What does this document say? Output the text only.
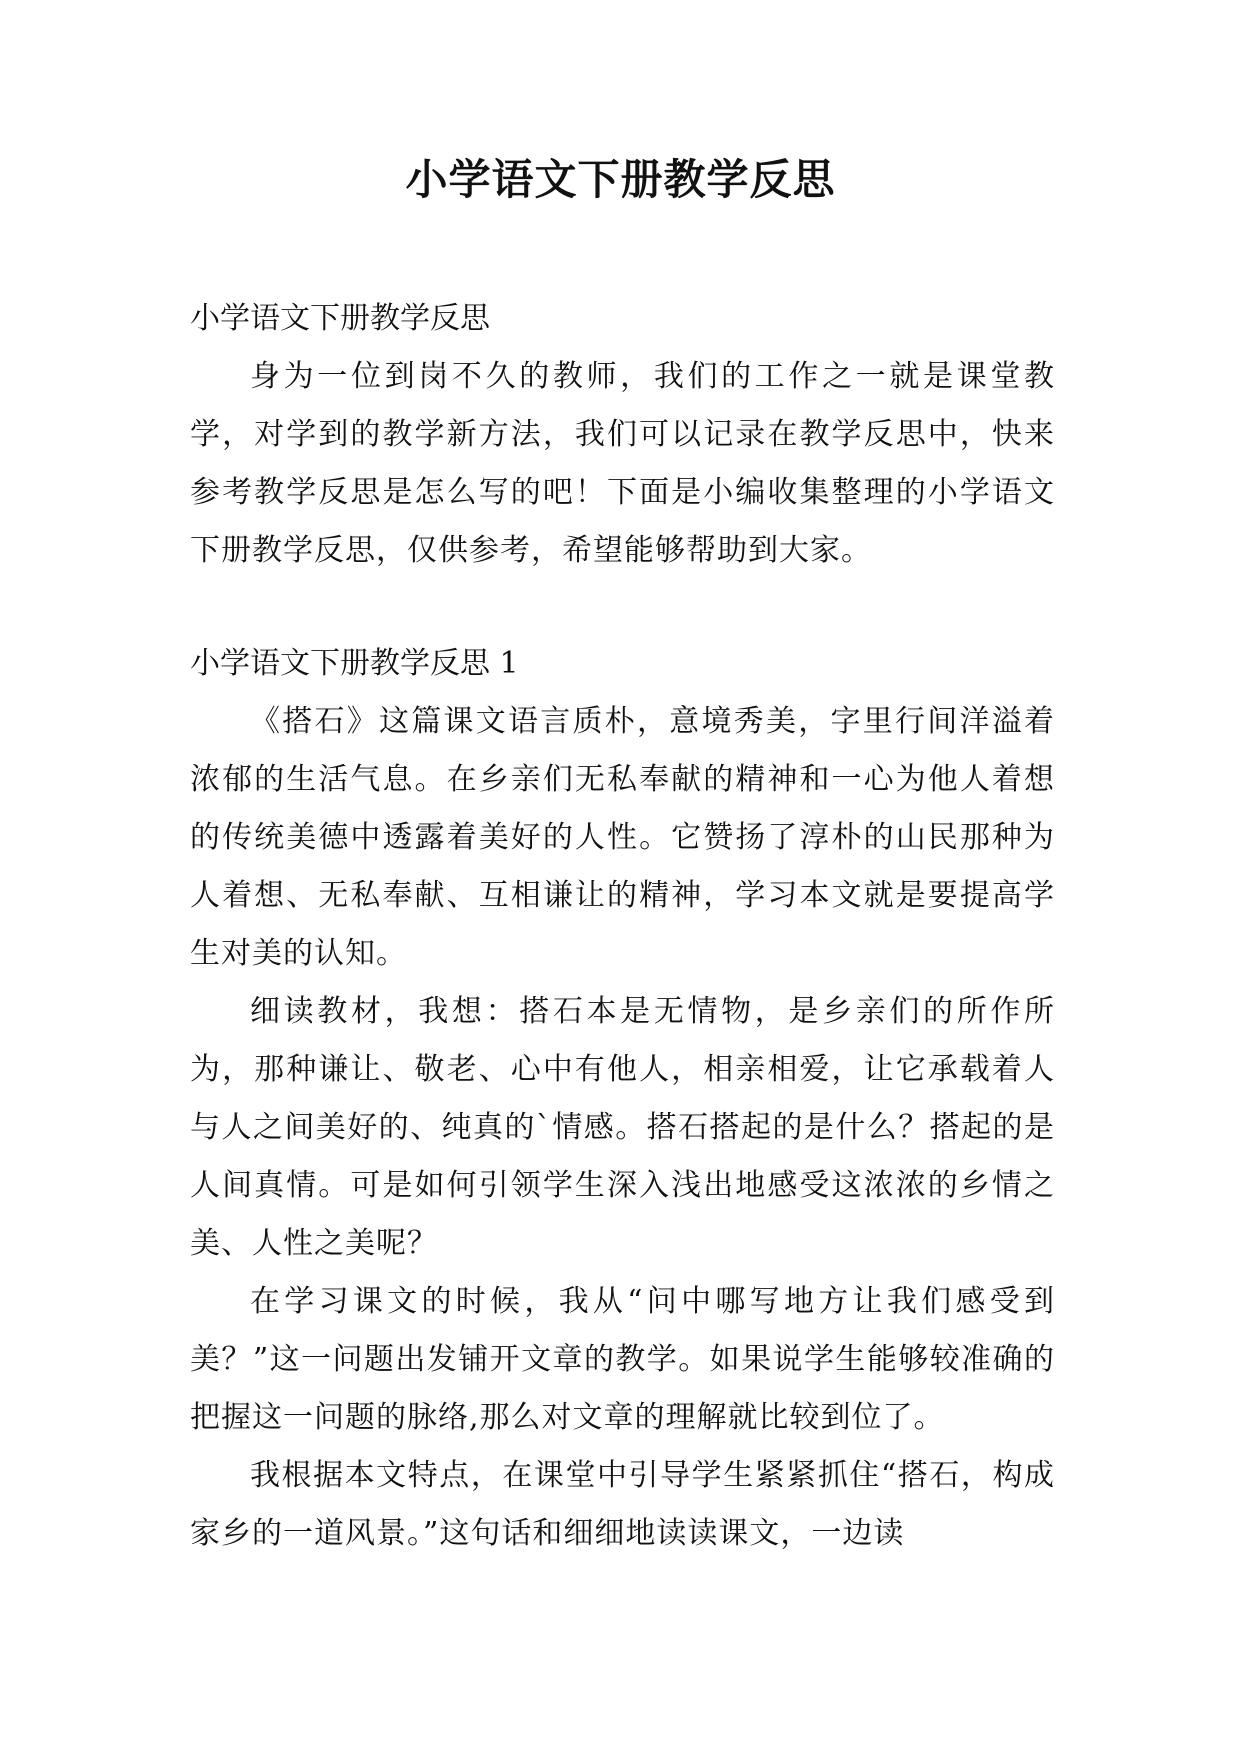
小学语文下册教学反思

小学语文下册教学反思

身为一位到岗不久的教师，我们的工作之一就是课堂教学，对学到的教学新方法，我们可以记录在教学反思中，快来参考教学反思是怎么写的吧！下面是小编收集整理的小学语文下册教学反思，仅供参考，希望能够帮助到大家。

小学语文下册教学反思 1

《搭石》这篇课文语言质朴，意境秀美，字里行间洋溢着浓郁的生活气息。在乡亲们无私奉献的精神和一心为他人着想的传统美德中透露着美好的人性。它赞扬了淳朴的山民那种为人着想、无私奉献、互相谦让的精神，学习本文就是要提高学生对美的认知。

细读教材，我想：搭石本是无情物，是乡亲们的所作所为，那种谦让、敬老、心中有他人，相亲相爱，让它承载着人与人之间美好的、纯真的`情感。搭石搭起的是什么？搭起的是人间真情。可是如何引领学生深入浅出地感受这浓浓的乡情之美、人性之美呢？

在学习课文的时候，我从“问中哪写地方让我们感受到美？”这一问题出发铺开文章的教学。如果说学生能够较准确的把握这一问题的脉络,那么对文章的理解就比较到位了。

我根据本文特点，在课堂中引导学生紧紧抓住“搭石，构成家乡的一道风景。”这句话和细细地读读课文，一边读
